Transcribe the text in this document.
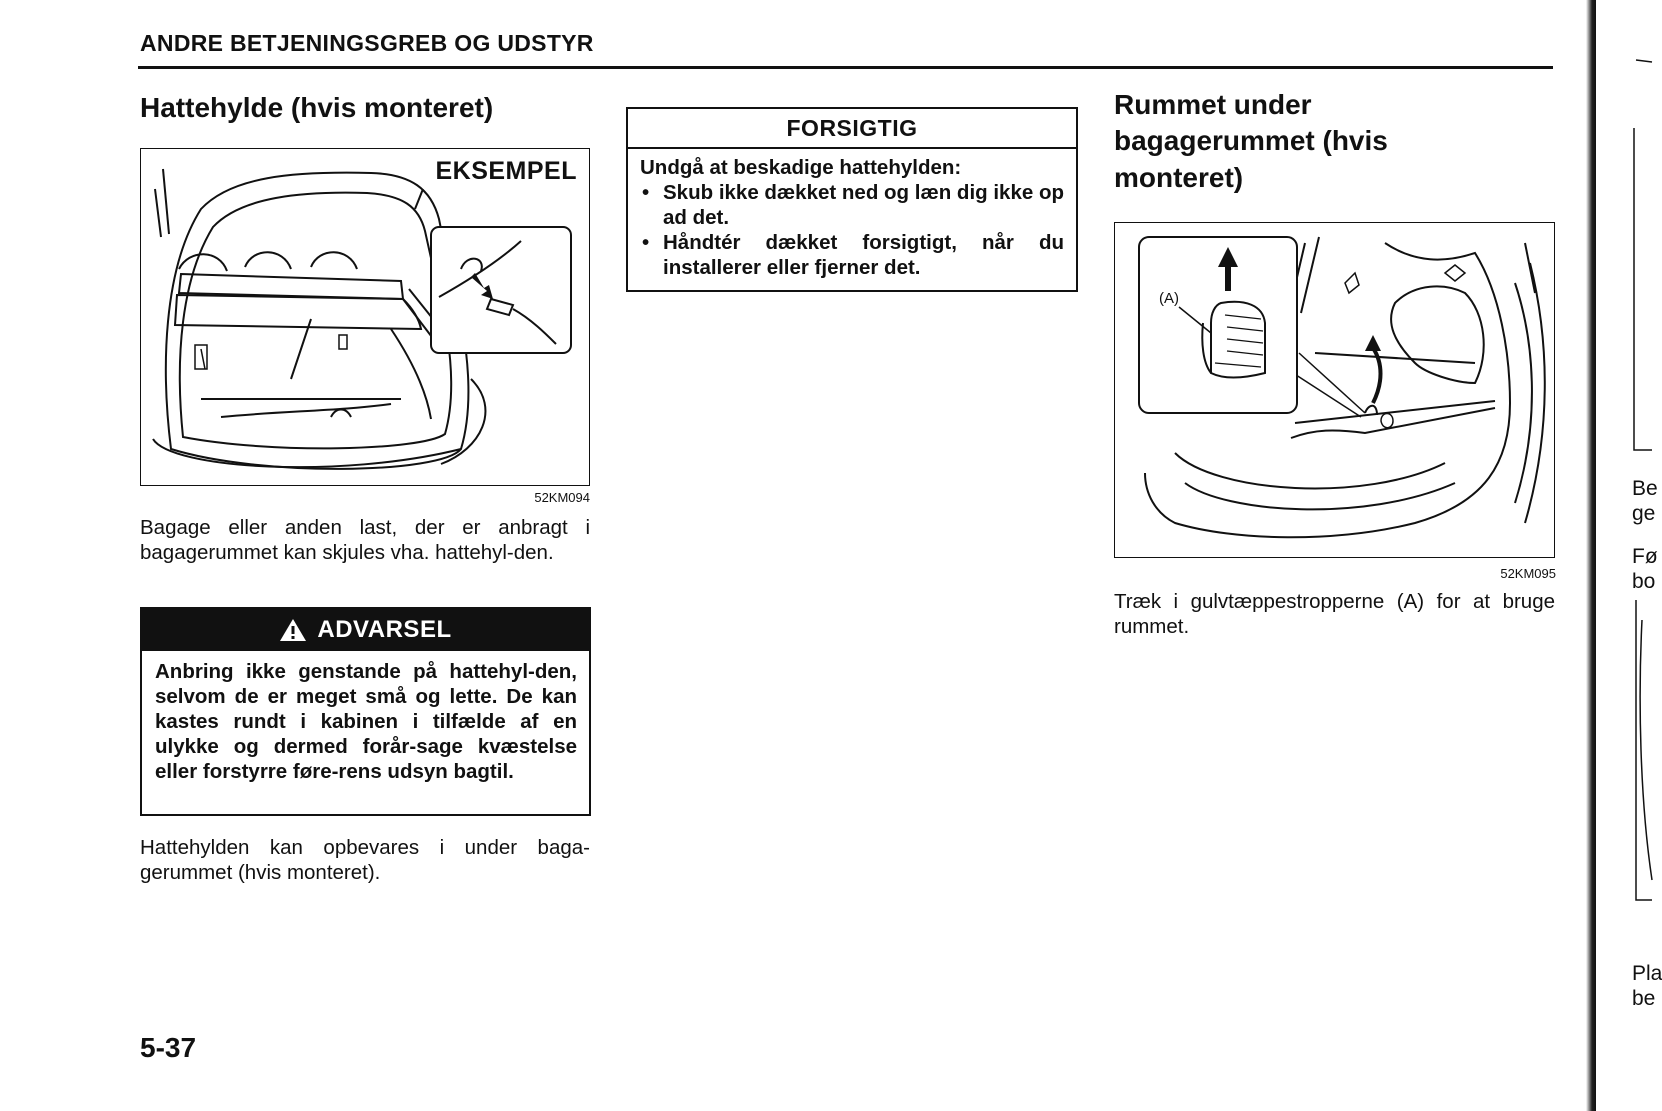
ANDRE BETJENINGSGREB OG UDSTYR
Hattehylde (hvis monteret)
EKSEMPEL
52KM094

Bagage eller anden last, der er anbragt i bagagerummet kan skjules vha. hattehyl-den.

ADVARSEL

Anbring ikke genstande på hattehyl-den, selvom de er meget små og lette. De kan kastes rundt i kabinen i tilfælde af en ulykke og dermed forår-sage kvæstelse eller forstyrre føre-rens udsyn bagtil.

Hattehylden kan opbevares i under baga-gerummet (hvis monteret).

FORSIGTIG

Undgå at beskadige hattehylden:

• Skub ikke dækket ned og læn dig ikke op ad det.
• Håndtér dækket forsigtigt, når du installerer eller fjerner det.
Rummet under bagagerummet (hvis monteret)
(A)
52KM095

Træk i gulvtæppestropperne (A) for at bruge rummet.

5-37
Be
ge
Fø
bo
Pla
be
